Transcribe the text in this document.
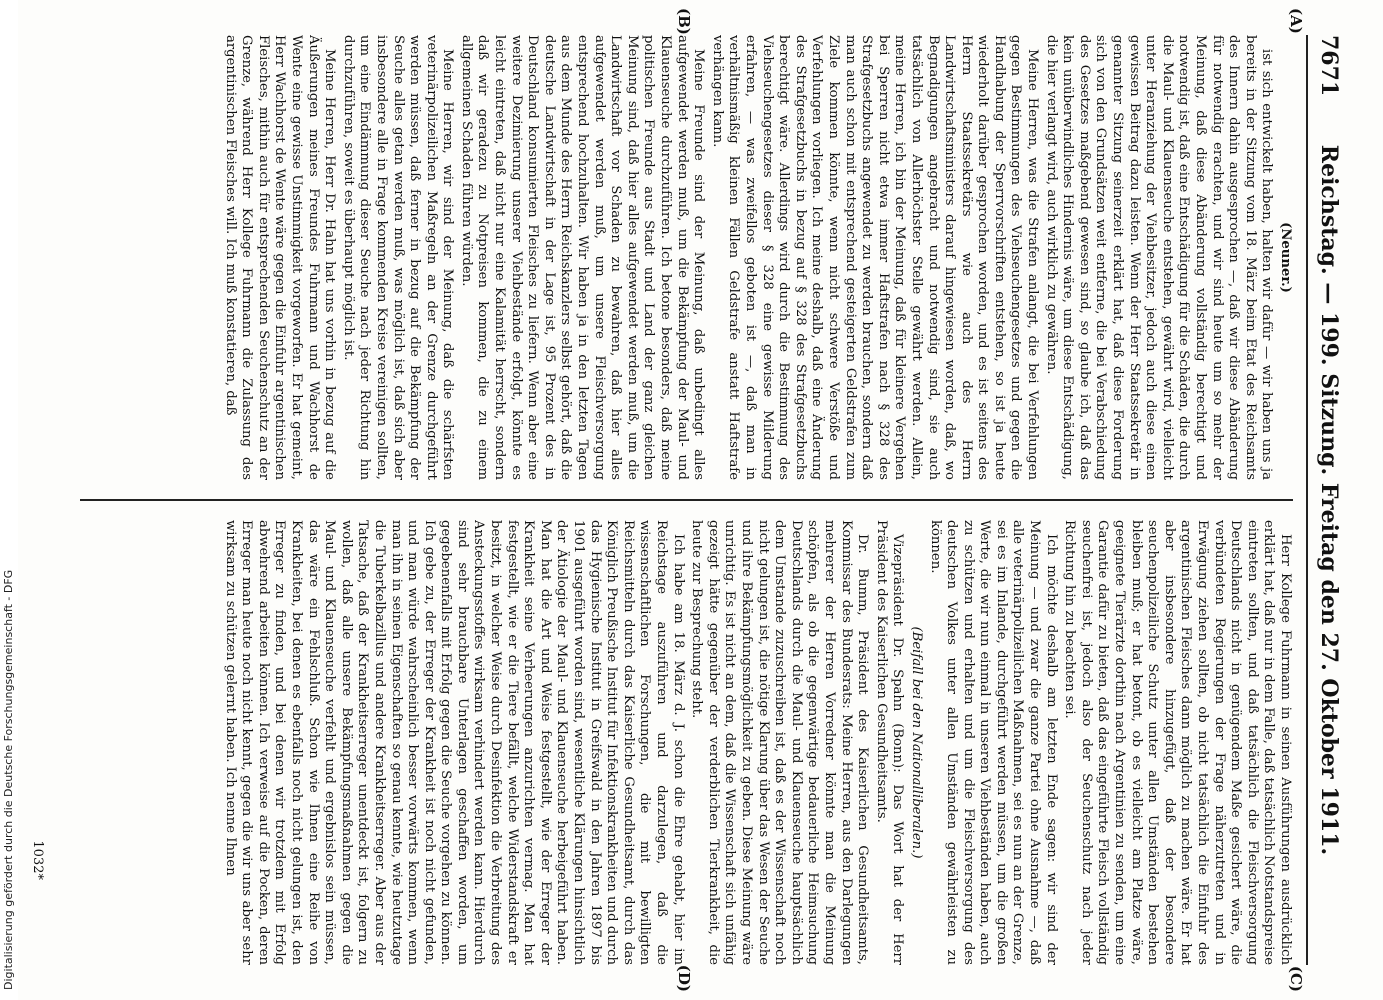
7671
Reichstag. — 199. Sitzung. Freitag den 27. Oktober 1911.
(A)
(B)
(C)
(D)

(Neuner.)

ist sich entwickelt haben, halten wir dafür — wir haben uns ja bereits in der Sitzung vom 18. März beim Etat des Reichsamts des Innern dahin ausgesprochen —, daß wir diese Abänderung für notwendig erachten, und wir sind heute um so mehr der Meinung, daß diese Abänderung vollständig berechtigt und notwendig ist, daß eine Entschädigung für die Schäden, die durch die Maul- und Klauenseuche entstehen, gewährt wird, vielleicht unter Heranziehung der Viehbesitzer, jedoch auch diese einen gewissen Beitrag dazu leisten. Wenn der Herr Staatssekretär in genannter Sitzung seinerzeit erklärt hat, daß diese Forderung sich von den Grundsätzen weit entferne, die bei Verabschiedung des Gesetzes maßgebend gewesen sind, so glaube ich, daß das kein unüberwindliches Hindernis wäre, um diese Entschädigung, die hier verlangt wird, auch wirklich zu gewähren.

Meine Herren, was die Strafen anlangt, die bei Verfehlungen gegen Bestimmungen des Viehseuchengesetzes und gegen die Handhabung der Sperrvorschriften entstehen, so ist ja heute wiederholt darüber gesprochen worden, und es ist seitens des Herrn Staatssekretärs wie auch des Herrn Landwirtschaftsministers darauf hingewiesen worden, daß, wo Begnadigungen angebracht und notwendig sind, sie auch tatsächlich von Allerhöchster Stelle gewährt werden. Allein, meine Herren, ich bin der Meinung, daß für kleinere Vergehen bei Sperren nicht etwa immer Haftstrafen nach § 328 des Strafgesetzbuchs angewendet zu werden brauchen, sondern daß man auch schon mit entsprechend gesteigerten Geldstrafen zum Ziele kommen könnte, wenn nicht schwere Verstöße und Verfehlungen vorliegen. Ich meine deshalb, daß eine Änderung des Strafgesetzbuchs in bezug auf § 328 des Strafgesetzbuchs berechtigt wäre. Allerdings wird durch die Bestimmung des Viehseuchengesetzes dieser § 328 eine gewisse Milderung erfahren, — was zweifellos geboten ist —, daß man in verhältnismäßig kleinen Fällen Geldstrafe anstatt Haftstrafe verhängen kann.

Meine Freunde sind der Meinung, daß unbedingt alles aufgewendet werden muß, um die Bekämpfung der Maul- und Klauenseuche durchzuführen. Ich betone besonders, daß meine politischen Freunde aus Stadt und Land der ganz gleichen Meinung sind, daß hier alles aufgewendet werden muß, um die Landwirtschaft vor Schaden zu bewahren, daß hier alles aufgewendet werden muß, um unsere Fleischversorgung entsprechend hochzuhalten. Wir haben ja in den letzten Tagen aus dem Munde des Herrn Reichskanzlers selbst gehört, daß die deutsche Landwirtschaft in der Lage ist, 95 Prozent des in Deutschland konsumierten Fleisches zu liefern. Wenn aber eine weitere Dezimierung unserer Viehbestände erfolgt, könnte es leicht eintreten, daß nicht nur eine Kalamität herrscht, sondern daß wir geradezu zu Notpreisen kommen, die zu einem allgemeinen Schaden führen würden.

Meine Herren, wir sind der Meinung, daß die schärfsten veterinärpolizeilichen Maßregeln an der Grenze durchgeführt werden müssen, daß ferner in bezug auf die Bekämpfung der Seuche alles getan werden muß, was möglich ist, daß sich aber insbesondere alle in Frage kommenden Kreise vereinigen sollten, um eine Eindämmung dieser Seuche nach jeder Richtung hin durchzuführen, soweit es überhaupt möglich ist.

Meine Herren, Herr Dr. Hahn hat uns vorhin in bezug auf die Äußerungen meines Freundes Fuhrmann und Wachhorst de Wente eine gewisse Unstimmigkeit vorgeworfen. Er hat gemeint, Herr Wachhorst de Wente wäre gegen die Einfuhr argentinischen Fleisches, mithin auch für entsprechenden Seuchenschutz an der Grenze, während Herr Kollege Fuhrmann die Zulassung des argentinischen Fleisches will. Ich muß konstatieren, daß

Herr Kollege Fuhrmann in seinen Ausführungen ausdrücklich erklärt hat, daß nur in dem Falle, daß tatsächlich Notstandspreise eintreten sollten, und daß tatsächlich die Fleischversorgung Deutschlands nicht in genügendem Maße gesichert wäre, die verbündeten Regierungen der Frage näherzutreten und in Erwägung ziehen sollten, ob nicht tatsächlich die Einfuhr des argentinischen Fleisches dann möglich zu machen wäre. Er hat aber insbesondere hinzugefügt, daß der besondere seuchenpolizeiliche Schutz unter allen Umständen bestehen bleiben muß; er hat betont, ob es vielleicht am Platze wäre, geeignete Tierärzte dorthin nach Argentinien zu senden, um eine Garantie dafür zu bieten, daß das eingeführte Fleisch vollständig seuchenfrei ist, jedoch also der Seuchenschutz nach jeder Richtung hin zu beachten sei.

Ich möchte deshalb am letzten Ende sagen: wir sind der Meinung — und zwar die ganze Partei ohne Ausnahme —, daß alle veterinärpolizeilichen Maßnahmen, sei es nun an der Grenze, sei es im Inlande, durchgeführt werden müssen, um die großen Werte, die wir nun einmal in unseren Viehbeständen haben, auch zu schützen und erhalten und um die Fleischversorgung des deutschen Volkes unter allen Umständen gewährleisten zu können.

(Beifall bei den Nationalliberalen.)

Vizepräsident Dr. Spahn (Bonn): Das Wort hat der Herr Präsident des Kaiserlichen Gesundheitsamts.

Dr. Bumm, Präsident des Kaiserlichen Gesundheitsamts, Kommissar des Bundesrats: Meine Herren, aus den Darlegungen mehrerer der Herren Vorredner könnte man die Meinung schöpfen, als ob die gegenwärtige bedauerliche Heimsuchung Deutschlands durch die Maul- und Klauenseuche hauptsächlich dem Umstande zuzuschreiben ist, daß es der Wissenschaft noch nicht gelungen ist, die nötige Klarung über das Wesen der Seuche und ihre Bekämpfungsmöglichkeit zu geben. Diese Meinung wäre unrichtig. Es ist nicht an dem, daß die Wissenschaft sich unfähig gezeigt hätte gegenüber der verderblichen Tierkrankheit, die heute zur Besprechung steht.

Ich habe am 18. März d. J. schon die Ehre gehabt, hier im Reichstage auszuführen und darzulegen, daß die wissenschaftlichen Forschungen, die mit bewilligten Reichsmitteln durch das Kaiserliche Gesundheitsamt, durch das Königlich Preußische Institut für Infektionskrankheiten und durch das Hygienische Institut in Greifswald in den Jahren 1897 bis 1901 ausgeführt worden sind, wesentliche Klärungen hinsichtlich der Ätiologie der Maul- und Klauenseuche herbeigeführt haben. Man hat die Art und Weise festgestellt, wie der Erreger der Krankheit seine Verheerungen anzurichten vermag. Man hat festgestellt, wie er die Tiere befällt, welche Widerstandskraft er besitzt, in welcher Weise durch Desinfektion die Verbreitung des Ansteckungsstoffes wirksam verhindert werden kann. Hierdurch sind sehr brauchbare Unterlagen geschaffen worden, um gegebenenfalls mit Erfolg gegen die Seuche vorgehen zu können. Ich gebe zu, der Erreger der Krankheit ist noch nicht gefunden, und man würde wahrscheinlich besser vorwärts kommen, wenn man ihn in seinen Eigenschaften so genau kennte, wie heutzutage die Tuberkelbazillus und andere Krankheitserreger. Aber aus der Tatsache, daß der Krankheitserreger unentdeckt ist, folgern zu wollen, daß alle unsere Bekämpfungsmaßnahmen gegen die Maul- und Klauenseuche verfehlt und ergebnislos sein müssen, das wäre ein Fehlschluß. Schon wie Ihnen eine Reihe von Krankheiten, bei denen es ebenfalls noch nicht gelungen ist, den Erreger zu finden, und bei denen wir trotzdem mit Erfolg abwehrend arbeiten können. Ich verweise auf die Pocken, deren Erreger man heute noch nicht kennt, gegen die wir uns aber sehr wirksam zu schützen gelernt haben. Ich nenne Ihnen

1032*
Digitalisierung gefördert durch die Deutsche Forschungsgemeinschaft - DFG
